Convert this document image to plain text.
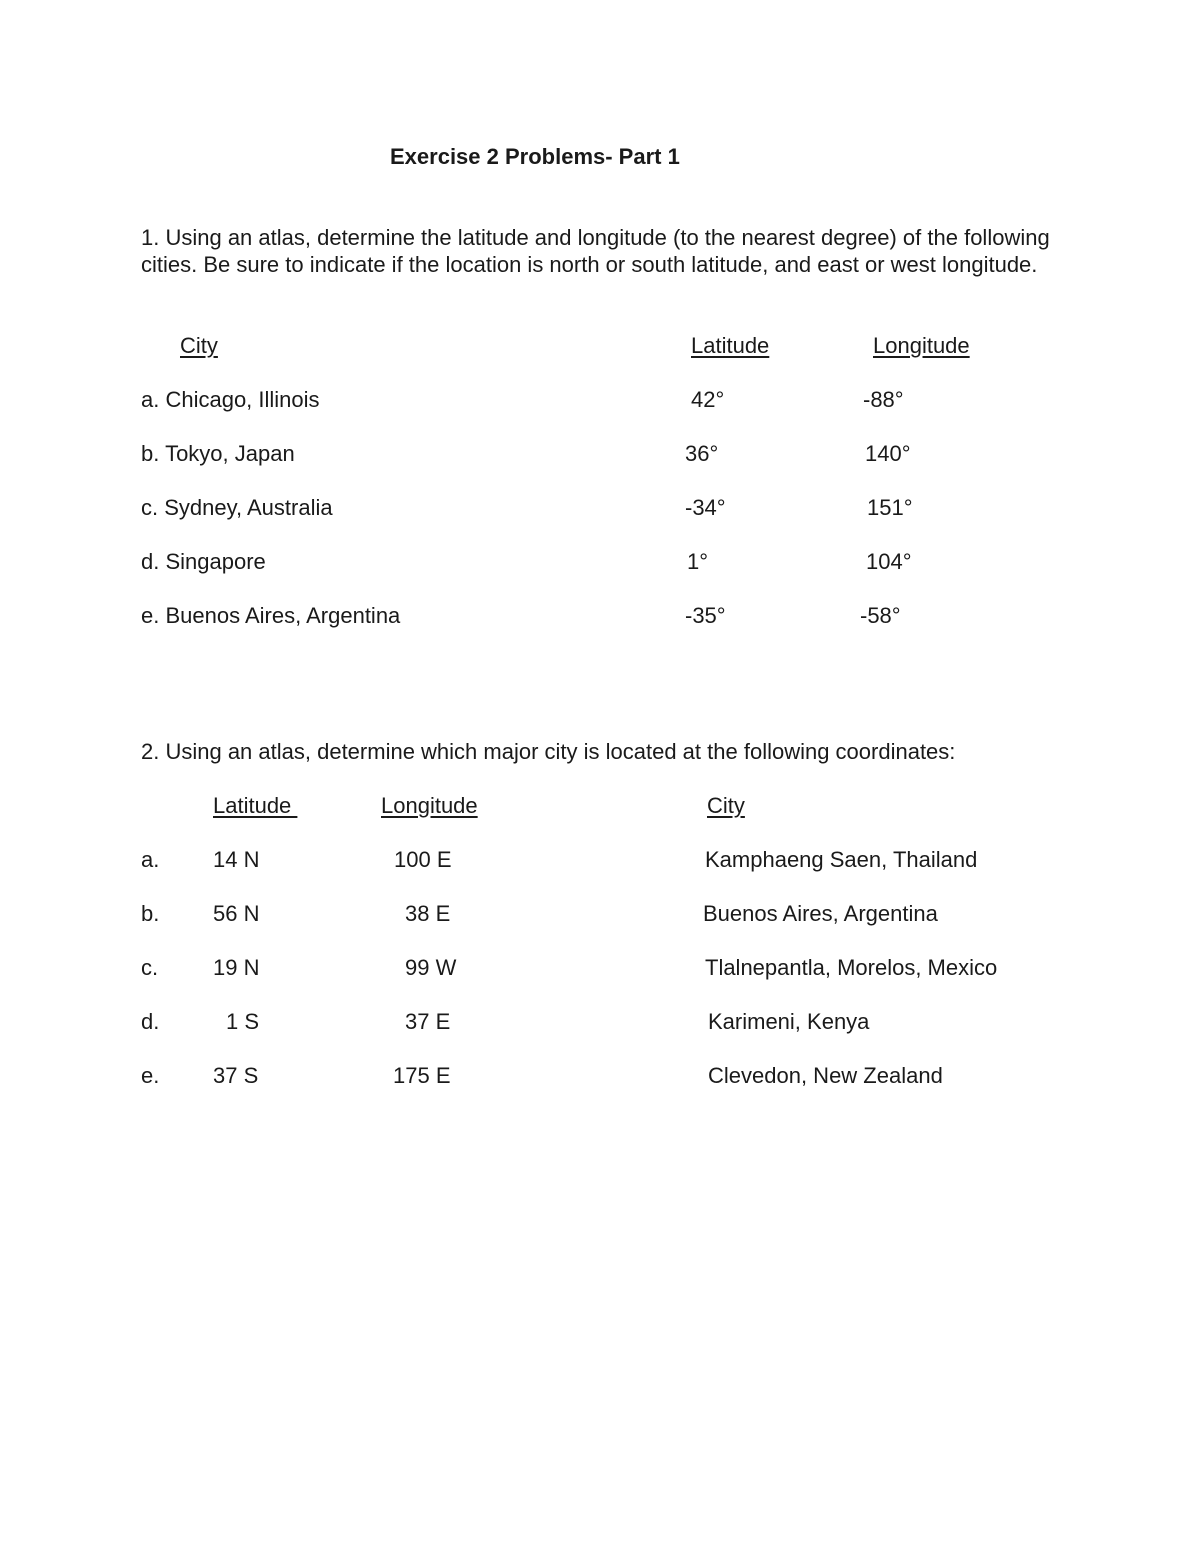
Exercise 2 Problems- Part 1
1. Using an atlas, determine the latitude and longitude (to the nearest degree) of the following cities. Be sure to indicate if the location is north or south latitude, and east or west longitude.
City	Latitude	Longitude
a. Chicago, Illinois	42°	-88°
b. Tokyo, Japan	36°	140°
c. Sydney, Australia	-34°	151°
d. Singapore	1°	104°
e. Buenos Aires, Argentina	-35°	-58°
2. Using an atlas, determine which major city is located at the following coordinates:
Latitude	Longitude	City
a. 14 N	100 E	Kamphaeng Saen, Thailand
b. 56 N	38 E	Buenos Aires, Argentina
c. 19 N	99 W	Tlalnepantla, Morelos, Mexico
d.	1 S	37 E	Karimeni, Kenya
e. 37 S	175 E	Clevedon, New Zealand
